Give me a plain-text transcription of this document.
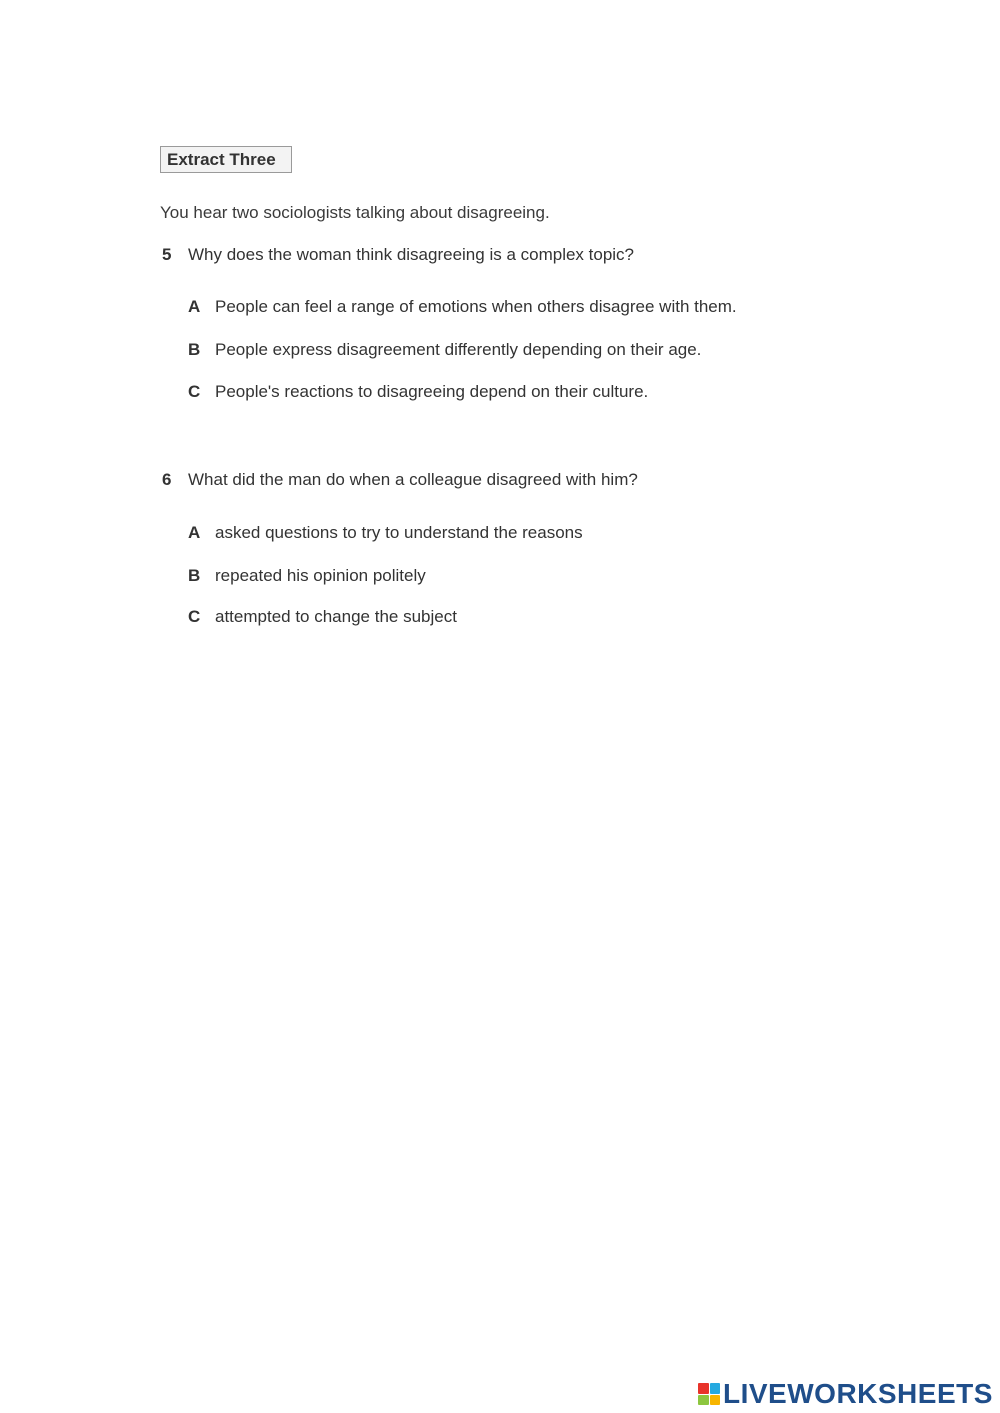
Extract Three
You hear two sociologists talking about disagreeing.
5 Why does the woman think disagreeing is a complex topic?
A People can feel a range of emotions when others disagree with them.
B People express disagreement differently depending on their age.
C People's reactions to disagreeing depend on their culture.
6 What did the man do when a colleague disagreed with him?
A asked questions to try to understand the reasons
B repeated his opinion politely
C attempted to change the subject
LIVEWORKSHEETS
